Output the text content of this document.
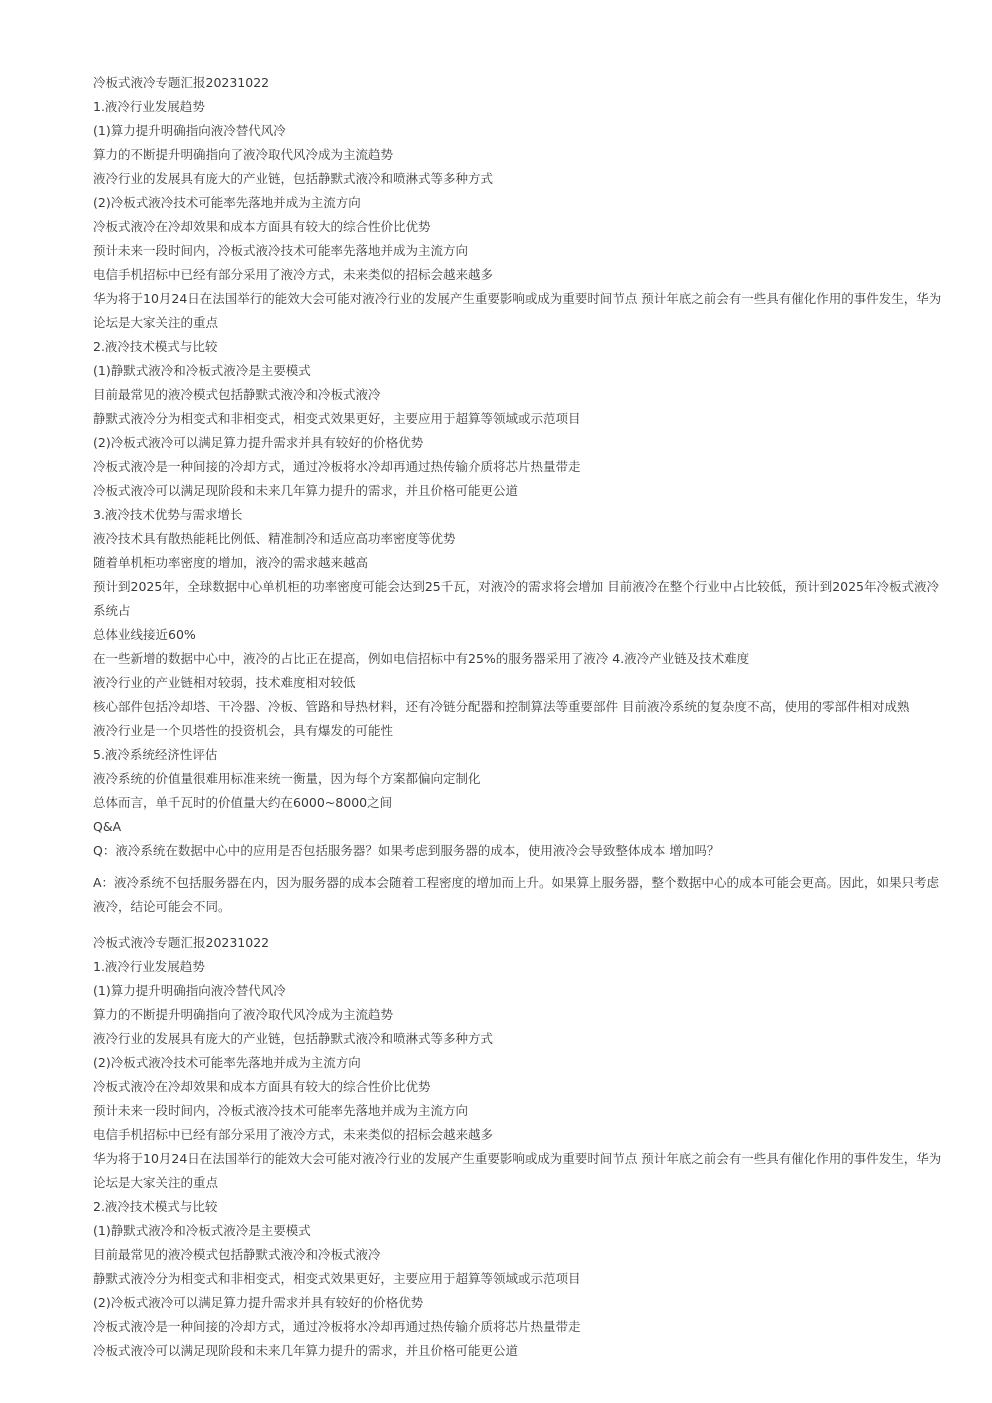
冷板式液冷专题汇报20231022

1.液冷行业发展趋势

(1)算力提升明确指向液冷替代风冷

算力的不断提升明确指向了液冷取代风冷成为主流趋势

液冷行业的发展具有庞大的产业链，包括静默式液冷和喷淋式等多种方式

(2)冷板式液冷技术可能率先落地并成为主流方向

冷板式液冷在冷却效果和成本方面具有较大的综合性价比优势

预计未来一段时间内，冷板式液冷技术可能率先落地并成为主流方向

电信手机招标中已经有部分采用了液冷方式，未来类似的招标会越来越多

华为将于10月24日在法国举行的能效大会可能对液冷行业的发展产生重要影响或成为重要时间节点 预计年底之前会有一些具有催化作用的事件发生，华为论坛是大家关注的重点

2.液冷技术模式与比较

(1)静默式液冷和冷板式液冷是主要模式

目前最常见的液冷模式包括静默式液冷和冷板式液冷

静默式液冷分为相变式和非相变式，相变式效果更好，主要应用于超算等领域或示范项目

(2)冷板式液冷可以满足算力提升需求并具有较好的价格优势

冷板式液冷是一种间接的冷却方式，通过冷板将水冷却再通过热传输介质将芯片热量带走

冷板式液冷可以满足现阶段和未来几年算力提升的需求，并且价格可能更公道

3.液冷技术优势与需求增长

液冷技术具有散热能耗比例低、精准制冷和适应高功率密度等优势

随着单机柜功率密度的增加，液冷的需求越来越高

预计到2025年，全球数据中心单机柜的功率密度可能会达到25千瓦，对液冷的需求将会增加 目前液冷在整个行业中占比较低，预计到2025年冷板式液冷系统占

总体业线接近60%

在一些新增的数据中心中，液冷的占比正在提高，例如电信招标中有25%的服务器采用了液冷 4.液冷产业链及技术难度

液冷行业的产业链相对较弱，技术难度相对较低

核心部件包括冷却塔、干冷器、冷板、管路和导热材料，还有冷链分配器和控制算法等重要部件 目前液冷系统的复杂度不高，使用的零部件相对成熟

液冷行业是一个贝塔性的投资机会，具有爆发的可能性

5.液冷系统经济性评估

液冷系统的价值量很难用标准来统一衡量，因为每个方案都偏向定制化

总体而言，单千瓦时的价值量大约在6000~8000之间

Q&A

Q：液冷系统在数据中心中的应用是否包括服务器？如果考虑到服务器的成本，使用液冷会导致整体成本 增加吗？

A：液冷系统不包括服务器在内，因为服务器的成本会随着工程密度的增加而上升。如果算上服务器，整个数据中心的成本可能会更高。因此，如果只考虑液冷，结论可能会不同。

冷板式液冷专题汇报20231022

1.液冷行业发展趋势

(1)算力提升明确指向液冷替代风冷

算力的不断提升明确指向了液冷取代风冷成为主流趋势

液冷行业的发展具有庞大的产业链，包括静默式液冷和喷淋式等多种方式

(2)冷板式液冷技术可能率先落地并成为主流方向

冷板式液冷在冷却效果和成本方面具有较大的综合性价比优势

预计未来一段时间内，冷板式液冷技术可能率先落地并成为主流方向

电信手机招标中已经有部分采用了液冷方式，未来类似的招标会越来越多

华为将于10月24日在法国举行的能效大会可能对液冷行业的发展产生重要影响或成为重要时间节点 预计年底之前会有一些具有催化作用的事件发生，华为论坛是大家关注的重点

2.液冷技术模式与比较

(1)静默式液冷和冷板式液冷是主要模式

目前最常见的液冷模式包括静默式液冷和冷板式液冷

静默式液冷分为相变式和非相变式，相变式效果更好，主要应用于超算等领域或示范项目

(2)冷板式液冷可以满足算力提升需求并具有较好的价格优势

冷板式液冷是一种间接的冷却方式，通过冷板将水冷却再通过热传输介质将芯片热量带走

冷板式液冷可以满足现阶段和未来几年算力提升的需求，并且价格可能更公道
